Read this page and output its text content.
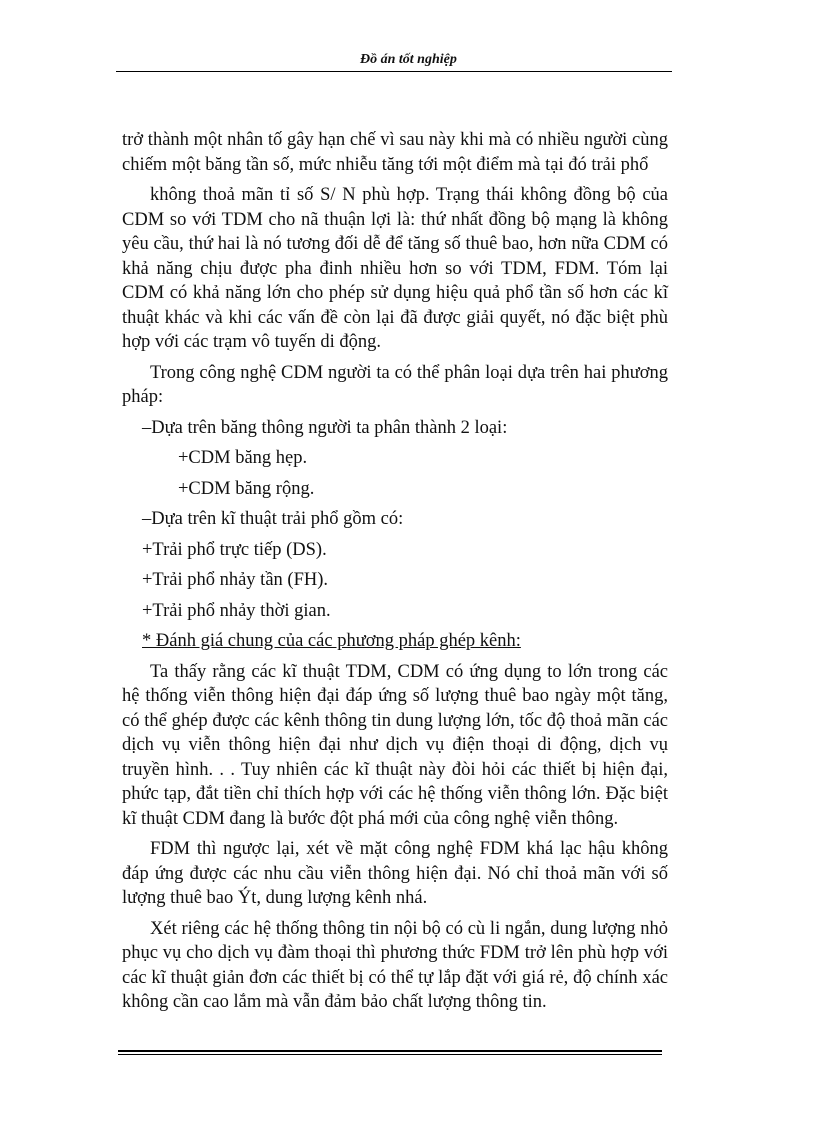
Đồ án tốt nghiệp

trở thành một nhân tố gây hạn chế vì sau này khi mà có nhiều người cùng chiếm một băng tần số, mức nhiễu tăng tới một điểm mà tại đó trải phổ

không thoả mãn tỉ số S/ N phù hợp. Trạng thái không đồng bộ của CDM so với TDM cho nã thuận lợi là: thứ nhất đồng bộ mạng là không yêu cầu, thứ hai là nó tương đối dễ để tăng số thuê bao, hơn nữa CDM có khả năng chịu được pha đinh nhiều hơn so với TDM, FDM. Tóm lại CDM có khả năng lớn cho phép sử dụng hiệu quả phổ tần số hơn các kĩ thuật khác và khi các vấn đề còn lại đã được giải quyết, nó đặc biệt phù hợp với các trạm vô tuyến di động.

Trong công nghệ CDM người ta có thể phân loại dựa trên hai phương pháp:

–Dựa trên băng thông người ta phân thành 2 loại:

+CDM băng hẹp.

+CDM băng rộng.

–Dựa trên kĩ thuật trải phổ gồm có:

+Trải phổ trực tiếp (DS).

+Trải phổ nhảy tần (FH).

+Trải phổ nhảy thời gian.

* Đánh giá chung của các phương pháp ghép kênh:

Ta thấy rằng các kĩ thuật TDM, CDM có ứng dụng to lớn trong các hệ thống viễn thông hiện đại đáp ứng số lượng thuê bao ngày một tăng, có thể ghép được các kênh thông tin dung lượng lớn, tốc độ thoả mãn các dịch vụ viễn thông hiện đại như dịch vụ điện thoại di động, dịch vụ truyền hình. . . Tuy nhiên các kĩ thuật này đòi hỏi các thiết bị hiện đại, phức tạp, đắt tiền chỉ thích hợp với các hệ thống viễn thông lớn. Đặc biệt kĩ thuật CDM đang là bước đột phá mới của công nghệ viễn thông.

FDM thì ngược lại, xét về mặt công nghệ FDM khá lạc hậu không đáp ứng được các nhu cầu viễn thông hiện đại. Nó chỉ thoả mãn với số lượng thuê bao Ýt, dung lượng kênh nhá.

Xét riêng các hệ thống thông tin nội bộ có cù li ngắn, dung lượng nhỏ phục vụ cho dịch vụ đàm thoại thì phương thức FDM trở lên phù hợp với các kĩ thuật giản đơn các thiết bị có thể tự lắp đặt với giá rẻ, độ chính xác không cần cao lắm mà vẫn đảm bảo chất lượng thông tin.
